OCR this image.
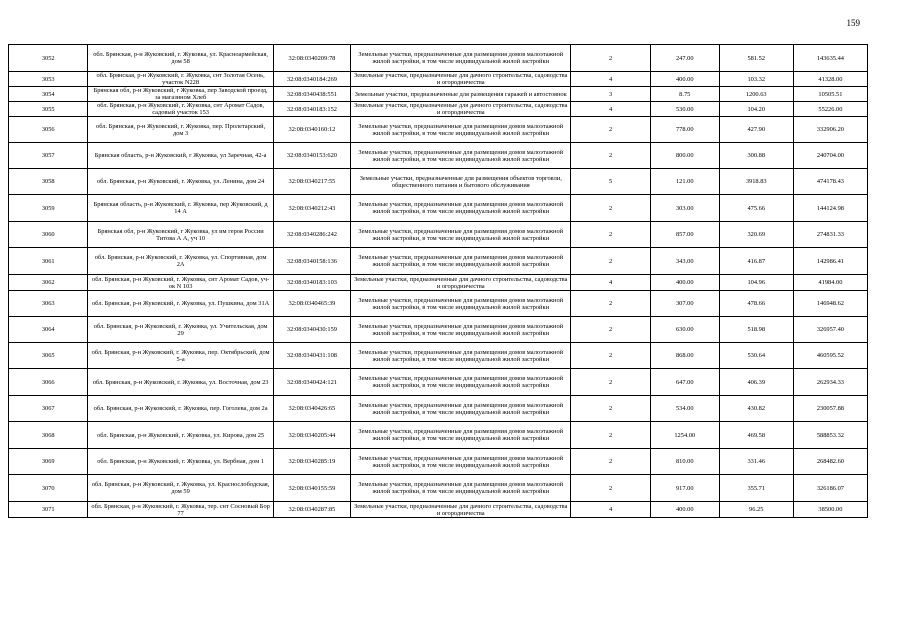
159
3052	обл. Брянская, р-н Жуковский, г. Жуковка, ул. Красноармейская, дом 58	32:08:0340209:78	Земельные участки, предназначенные для размещения домов малоэтажной жилой застройки, в том числе индивидуальной жилой застройки	2	247.00	581.52	143635.44
3053	обл. Брянская, р-н Жуковский, г. Жуковка, снт Золотая Осень, участок N228	32:08:0340184:269	Земельные участки, предназначенные для дачного строительства, садоводства и огородничества	4	400.00	103.32	41328.00
3054	Брянская обл, р-н Жуковский, г Жуковка, пер Заводской проезд, за магазином Хлеб	32:08:0340438:551	Земельные участки, предназначенные для размещения гаражей и автостоянок	3	8.75	1200.63	10505.51
3055	обл. Брянская, р-н Жуковский, г. Жуковка, снт Аромат Садов, садовый участок 153	32:08:0340183:152	Земельные участки, предназначенные для дачного строительства, садоводства и огородничества	4	530.00	104.20	55226.00
3056	обл. Брянская, р-н Жуковский, г. Жуковка, пер. Пролетарский, дом 3	32:08:0340160:12	Земельные участки, предназначенные для размещения домов малоэтажной жилой застройки, в том числе индивидуальной жилой застройки	2	778.00	427.90	332906.20
3057	Брянская область, р-н Жуковский, г Жуковка, ул Заречная, 42-а	32:08:0340153:620	Земельные участки, предназначенные для размещения домов малоэтажной жилой застройки, в том числе индивидуальной жилой застройки	2	800.00	300.88	240704.00
3058	обл. Брянская, р-н Жуковский, г. Жуковка, ул. Ленина, дом 24	32:08:0340217:55	Земельные участки, предназначенные для размещения объектов торговли, общественного питания и бытового обслуживания	5	121.00	3918.83	474178.43
3059	Брянская область, р-н Жуковский, г. Жуковка, пер Жуковский, д 14 А	32:08:0340212:43	Земельные участки, предназначенные для размещения домов малоэтажной жилой застройки, в том числе индивидуальной жилой застройки	2	303.00	475.66	144124.98
3060	Брянская обл, р-н Жуковский, г Жуковка, ул им героя России Титова А А, уч 10	32:08:0340286:242	Земельные участки, предназначенные для размещения домов малоэтажной жилой застройки, в том числе индивидуальной жилой застройки	2	857.00	320.69	274831.33
3061	обл. Брянская, р-н Жуковский, г. Жуковка, ул. Спортивная, дом 2А	32:08:0340158:136	Земельные участки, предназначенные для размещения домов малоэтажной жилой застройки, в том числе индивидуальной жилой застройки	2	343.00	416.87	142986.41
3062	обл. Брянская, р-н Жуковский, г. Жуковка, снт Аромат Садов, уч-ок N 103	32:08:0340183:103	Земельные участки, предназначенные для дачного строительства, садоводства и огородничества	4	400.00	104.96	41984.00
3063	обл. Брянская, р-н Жуковский, г. Жуковка, ул. Пушкина, дом 31А	32:08:0340465:39	Земельные участки, предназначенные для размещения домов малоэтажной жилой застройки, в том числе индивидуальной жилой застройки	2	307.00	478.66	146948.62
3064	обл. Брянская, р-н Жуковский, г. Жуковка, ул. Учительская, дом 29	32:08:0340430:159	Земельные участки, предназначенные для размещения домов малоэтажной жилой застройки, в том числе индивидуальной жилой застройки	2	630.00	518.98	326957.40
3065	обл. Брянская, р-н Жуковский, г. Жуковка, пер. Октябрьский, дом 5-а	32:08:0340431:108	Земельные участки, предназначенные для размещения домов малоэтажной жилой застройки, в том числе индивидуальной жилой застройки	2	868.00	530.64	460595.52
3066	обл. Брянская, р-н Жуковский, г. Жуковка, ул. Восточная, дом 23	32:08:0340424:121	Земельные участки, предназначенные для размещения домов малоэтажной жилой застройки, в том числе индивидуальной жилой застройки	2	647.00	406.39	262934.33
3067	обл. Брянская, р-н Жуковский, г. Жуковка, пер. Гоголева, дом 2а	32:08:0340426:65	Земельные участки, предназначенные для размещения домов малоэтажной жилой застройки, в том числе индивидуальной жилой застройки	2	534.00	430.82	230057.88
3068	обл. Брянская, р-н Жуковский, г. Жуковка, ул. Кирова, дом 25	32:08:0340205:44	Земельные участки, предназначенные для размещения домов малоэтажной жилой застройки, в том числе индивидуальной жилой застройки	2	1254.00	469.58	588853.32
3069	обл. Брянская, р-н Жуковский, г. Жуковка, ул. Вербная, дом 1	32:08:0340285:19	Земельные участки, предназначенные для размещения домов малоэтажной жилой застройки, в том числе индивидуальной жилой застройки	2	810.00	331.46	268482.60
3070	обл. Брянская, р-н Жуковский, г. Жуковка, ул. Краснослободская, дом 59	32:08:0340155:59	Земельные участки, предназначенные для размещения домов малоэтажной жилой застройки, в том числе индивидуальной жилой застройки	2	917.00	355.71	326186.07
3071	обл. Брянская, р-н Жуковский, г. Жуковка, тер. снт Сосновый Бор 77	32:08:0340287:85	Земельные участки, предназначенные для дачного строительства, садоводства и огородничества	4	400.00	96.25	38500.00
